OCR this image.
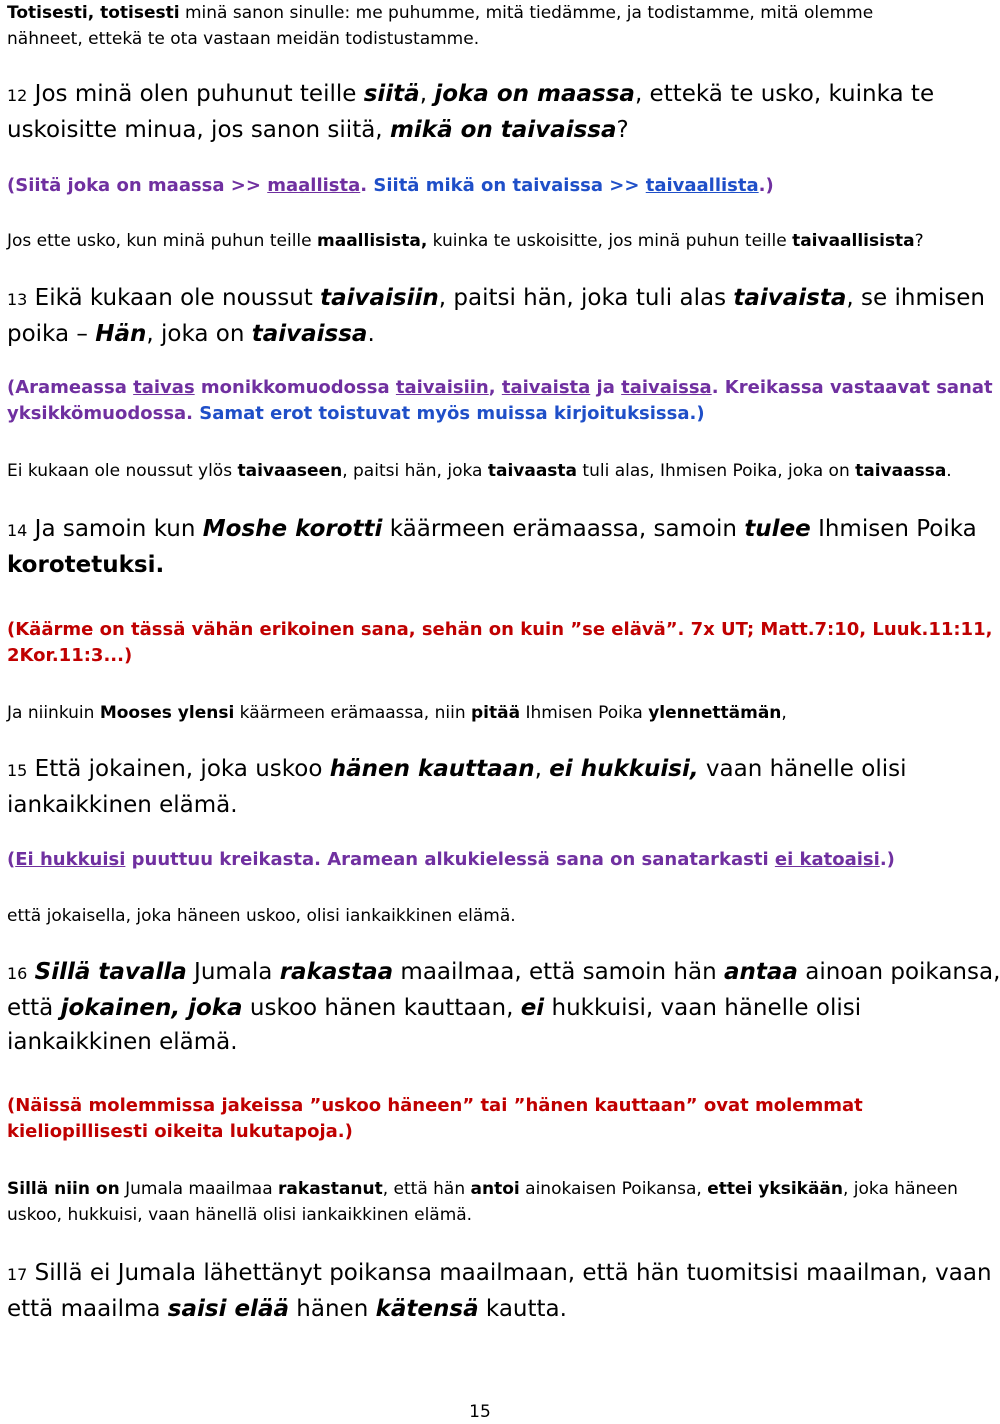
Totisesti, totisesti minä sanon sinulle: me puhumme, mitä tiedämme, ja todistamme, mitä olemme
nähneet, ettekä te ota vastaan meidän todistustamme.
12 Jos minä olen puhunut teille siitä, joka on maassa, ettekä te usko, kuinka te
uskoisitte minua, jos sanon siitä, mikä on taivaissa?
(Siitä joka on maassa >> maallista. Siitä mikä on taivaissa >> taivaallista.)
Jos ette usko, kun minä puhun teille maallisista, kuinka te uskoisitte, jos minä puhun teille taivaallisista?
13 Eikä kukaan ole noussut taivaisiin, paitsi hän, joka tuli alas taivaista, se ihmisen
poika – Hän, joka on taivaissa.
(Arameassa taivas monikkomuodossa taivaisiin, taivaista ja taivaissa. Kreikassa vastaavat sanat
yksikkömuodossa. Samat erot toistuvat myös muissa kirjoituksissa.)
Ei kukaan ole noussut ylös taivaaseen, paitsi hän, joka taivaasta tuli alas, Ihmisen Poika, joka on taivaassa.
14 Ja samoin kun Moshe korotti käärmeen erämaassa, samoin tulee Ihmisen Poika
korotetuksi.
(Käärme on tässä vähän erikoinen sana, sehän on kuin ”se elävä”. 7x UT; Matt.7:10, Luuk.11:11,
2Kor.11:3...)
Ja niinkuin Mooses ylensi käärmeen erämaassa, niin pitää Ihmisen Poika ylennettämän,
15 Että jokainen, joka uskoo hänen kauttaan, ei hukkuisi, vaan hänelle olisi
iankaikkinen elämä.
(Ei hukkuisi puuttuu kreikasta. Aramean alkukielessä sana on sanatarkasti ei katoaisi.)
että jokaisella, joka häneen uskoo, olisi iankaikkinen elämä.
16 Sillä tavalla Jumala rakastaa maailmaa, että samoin hän antaa ainoan poikansa,
että jokainen, joka uskoo hänen kauttaan, ei hukkuisi, vaan hänelle olisi
iankaikkinen elämä.
(Näissä molemmissa jakeissa ”uskoo häneen” tai ”hänen kauttaan” ovat molemmat
kieliopillisesti oikeita lukutapoja.)
Sillä niin on Jumala maailmaa rakastanut, että hän antoi ainokaisen Poikansa, ettei yksikään, joka häneen
uskoo, hukkuisi, vaan hänellä olisi iankaikkinen elämä.
17 Sillä ei Jumala lähettänyt poikansa maailmaan, että hän tuomitsisi maailman, vaan
että maailma saisi elää hänen kätensä kautta.
15
